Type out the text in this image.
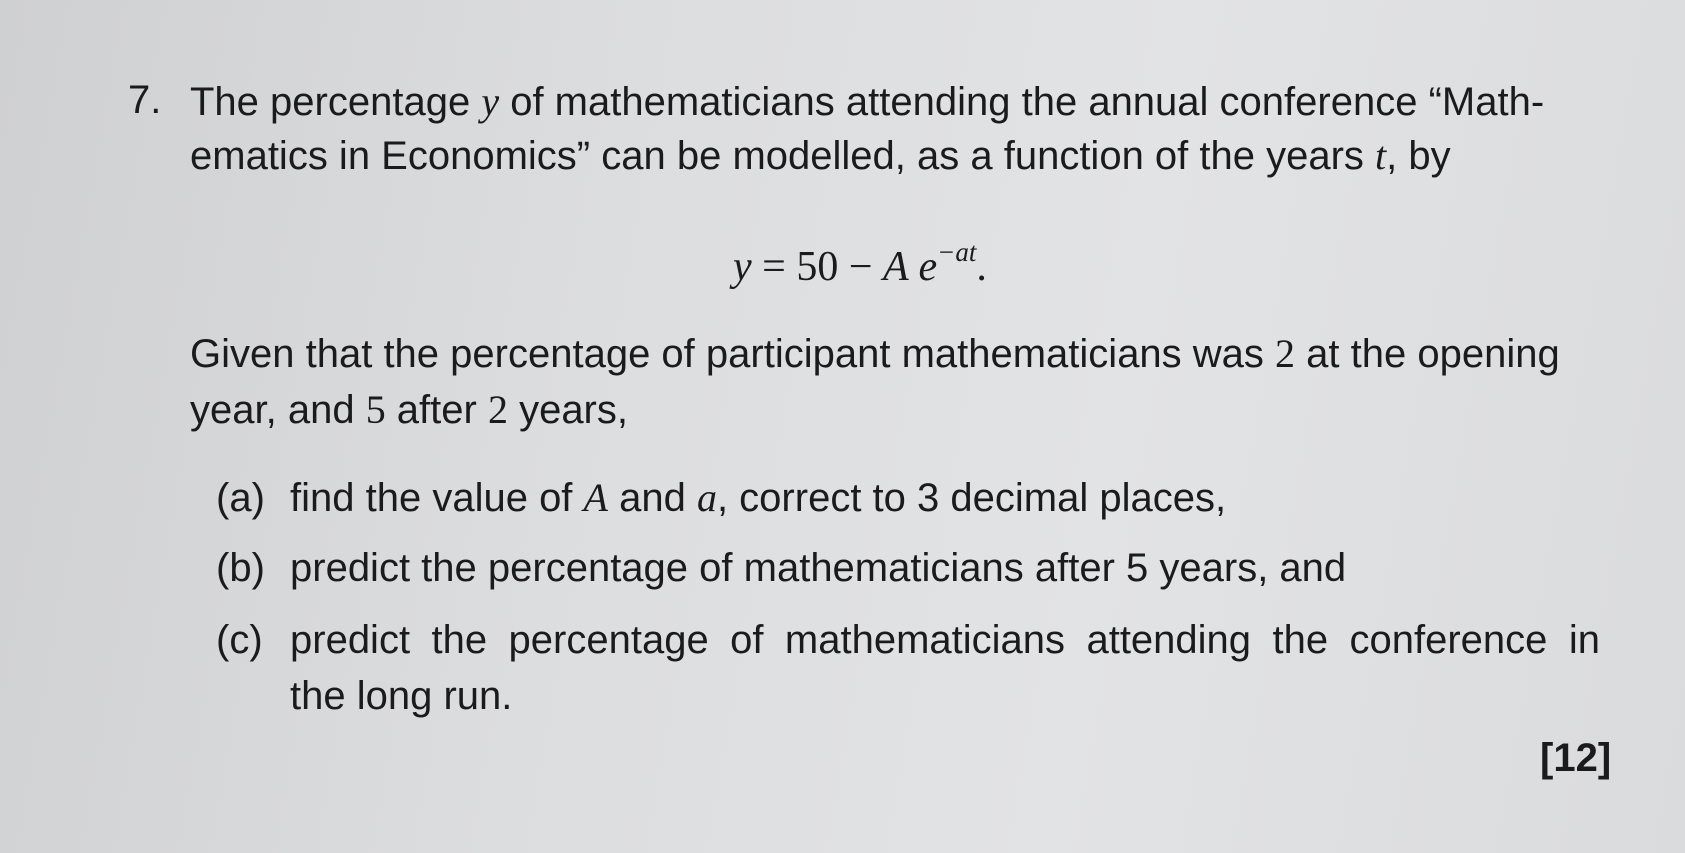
7. The percentage y of mathematicians attending the annual conference “Math-
ematics in Economics” can be modelled, as a function of the years t, by
y = 50 − A $e^{-at}$.
Given that the percentage of participant mathematicians was 2 at the opening
year, and 5 after 2 years,
(a) find the value of A and a, correct to 3 decimal places,
(b) predict the percentage of mathematicians after 5 years, and
(c) predict the percentage of mathematicians attending the conference in
the long run.
[12]
